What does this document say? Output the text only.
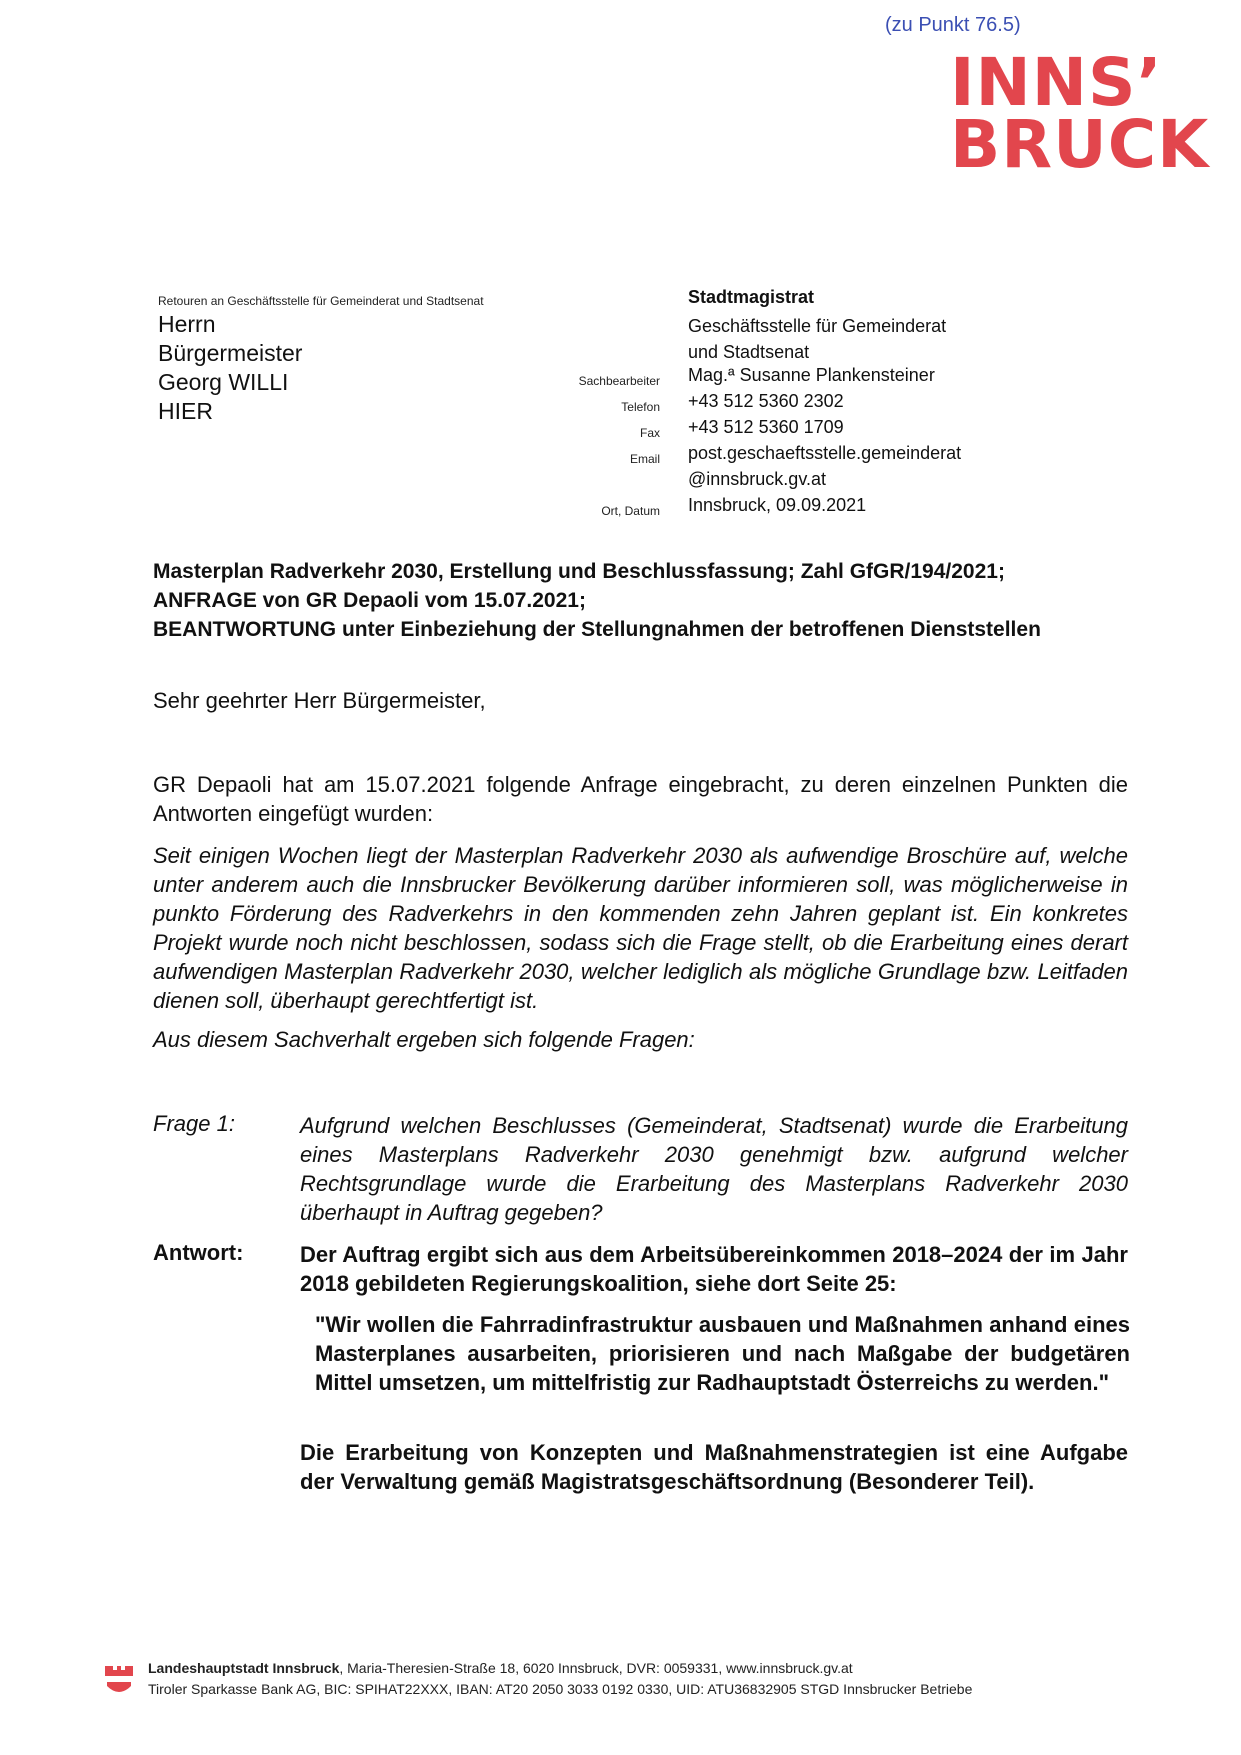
(zu Punkt 76.5)
INNS’
BRUCK
Retouren an Geschäftsstelle für Gemeinderat und Stadtsenat
Herrn
Bürgermeister
Georg WILLI
HIER
Stadtmagistrat
Geschäftsstelle für Gemeinderat
und Stadtsenat
Sachbearbeiter Mag.ª Susanne Plankensteiner
Telefon +43 512 5360 2302
Fax +43 512 5360 1709
Email post.geschaeftsstelle.gemeinderat
@innsbruck.gv.at
Ort, Datum Innsbruck, 09.09.2021
Masterplan Radverkehr 2030, Erstellung und Beschlussfassung; Zahl GfGR/194/2021;
ANFRAGE von GR Depaoli vom 15.07.2021;
BEANTWORTUNG unter Einbeziehung der Stellungnahmen der betroffenen Dienststellen
Sehr geehrter Herr Bürgermeister,
GR Depaoli hat am 15.07.2021 folgende Anfrage eingebracht, zu deren einzelnen Punkten die Antworten eingefügt wurden:
Seit einigen Wochen liegt der Masterplan Radverkehr 2030 als aufwendige Broschüre auf, welche unter anderem auch die Innsbrucker Bevölkerung darüber informieren soll, was möglicherweise in punkto Förderung des Radverkehrs in den kommenden zehn Jahren geplant ist. Ein konkretes Projekt wurde noch nicht beschlossen, sodass sich die Frage stellt, ob die Erarbeitung eines derart aufwendigen Masterplan Radverkehr 2030, welcher lediglich als mögliche Grundlage bzw. Leitfaden dienen soll, überhaupt gerechtfertigt ist.
Aus diesem Sachverhalt ergeben sich folgende Fragen:
Frage 1:	Aufgrund welchen Beschlusses (Gemeinderat, Stadtsenat) wurde die Erarbeitung eines Masterplans Radverkehr 2030 genehmigt bzw. aufgrund welcher Rechtsgrundlage wurde die Erarbeitung des Masterplans Radverkehr 2030 überhaupt in Auftrag gegeben?
Antwort:	Der Auftrag ergibt sich aus dem Arbeitsübereinkommen 2018–2024 der im Jahr 2018 gebildeten Regierungskoalition, siehe dort Seite 25:
"Wir wollen die Fahrradinfrastruktur ausbauen und Maßnahmen anhand eines Masterplanes ausarbeiten, priorisieren und nach Maßgabe der budgetären Mittel umsetzen, um mittelfristig zur Radhauptstadt Österreichs zu werden."
Die Erarbeitung von Konzepten und Maßnahmenstrategien ist eine Aufgabe der Verwaltung gemäß Magistratsgeschäftsordnung (Besonderer Teil).
Landeshauptstadt Innsbruck, Maria-Theresien-Straße 18, 6020 Innsbruck, DVR: 0059331, www.innsbruck.gv.at
Tiroler Sparkasse Bank AG, BIC: SPIHAT22XXX, IBAN: AT20 2050 3033 0192 0330, UID: ATU36832905 STGD Innsbrucker Betriebe
